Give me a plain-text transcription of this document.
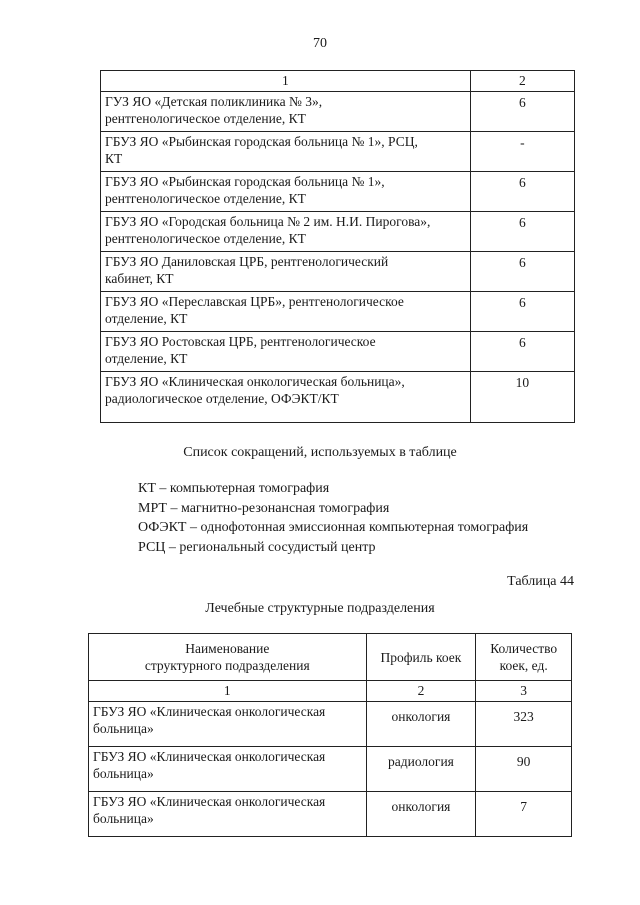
70
1	2
ГУЗ ЯО «Детская поликлиника № 3»,
рентгенологическое отделение, КТ	6

ГБУЗ ЯО «Рыбинская городская больница № 1», РСЦ,
КТ	-

ГБУЗ ЯО «Рыбинская городская больница № 1»,
рентгенологическое отделение, КТ	6

ГБУЗ ЯО «Городская больница № 2 им. Н.И. Пирогова»,
рентгенологическое отделение, КТ	6

ГБУЗ ЯО Даниловская ЦРБ, рентгенологический
кабинет, КТ	6

ГБУЗ ЯО «Переславская ЦРБ», рентгенологическое
отделение, КТ	6

ГБУЗ ЯО Ростовская ЦРБ, рентгенологическое
отделение, КТ	6

ГБУЗ ЯО «Клиническая онкологическая больница»,
радиологическое отделение, ОФЭКТ/КТ	10
Список сокращений, используемых в таблице
КТ – компьютерная томография
МРТ – магнитно-резонансная томография
ОФЭКТ – однофотонная эмиссионная компьютерная томография
РСЦ – региональный сосудистый центр
Таблица 44
Лечебные структурные подразделения
Наименование
структурного подразделения	Профиль коек	Количество
коек, ед.

1	2	3
ГБУЗ ЯО «Клиническая онкологическая
больница»	онкология	323
ГБУЗ ЯО «Клиническая онкологическая
больница»	радиология	90
ГБУЗ ЯО «Клиническая онкологическая
больница»	онкология	7
